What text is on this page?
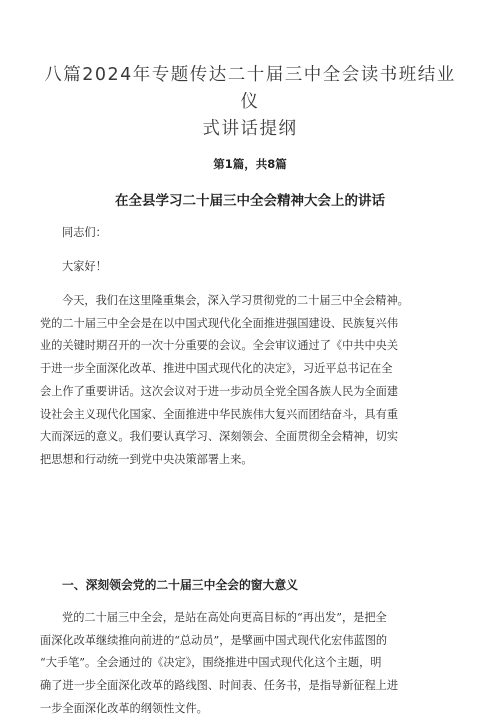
八篇2024年专题传达二十届三中全会读书班结业仪
式讲话提纲
第1篇，共8篇
在全县学习二十届三中全会精神大会上的讲话
同志们：
大家好！
今天，我们在这里隆重集会，深入学习贯彻党的二十届三中全会精神。
党的二十届三中全会是在以中国式现代化全面推进强国建设、民族复兴伟
业的关键时期召开的一次十分重要的会议。全会审议通过了《中共中央关
于进一步全面深化改革、推进中国式现代化的决定》，习近平总书记在全
会上作了重要讲话。这次会议对于进一步动员全党全国各族人民为全面建
设社会主义现代化国家、全面推进中华民族伟大复兴而团结奋斗，具有重
大而深远的意义。我们要认真学习、深刻领会、全面贯彻全会精神，切实
把思想和行动统一到党中央决策部署上来。
一、深刻领会党的二十届三中全会的窗大意义
党的二十届三中全会，是站在高处向更高目标的“再出发”，是把全
面深化改革继续推向前进的“总动员”，是擘画中国式现代化宏伟蓝图的
“大手笔”。全会通过的《决定》，围绕推进中国式现代化这个主题，明
确了进一步全面深化改革的路线图、时间表、任务书，是指导新征程上进
一步全面深化改革的纲领性文件。
